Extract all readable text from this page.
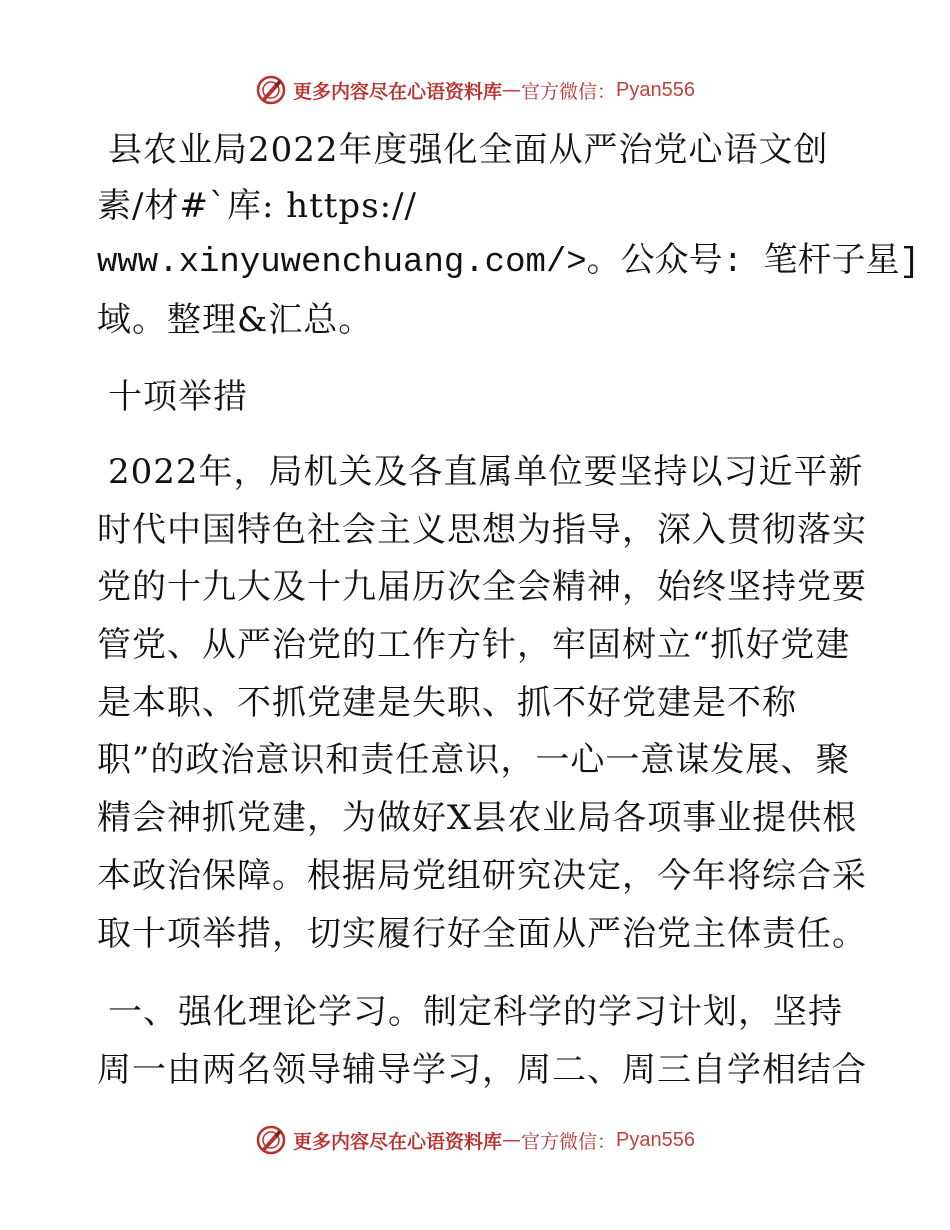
更多内容尽在心语资料库 — 官方微信： Pyan556
县农业局2022年度强化全面从严治党心语文创
素/材#`库: https://
www.xinyuwenchuang.com/>。公众号: 笔杆子星]
域。整理&汇总。
十项举措
2022年，局机关及各直属单位要坚持以习近平新
时代中国特色社会主义思想为指导，深入贯彻落实
党的十九大及十九届历次全会精神，始终坚持党要
管党、从严治党的工作方针，牢固树立“抓好党建
是本职、不抓党建是失职、抓不好党建是不称
职”的政治意识和责任意识，一心一意谋发展、聚
精会神抓党建，为做好X县农业局各项事业提供根
本政治保障。根据局党组研究决定，今年将综合采
取十项举措，切实履行好全面从严治党主体责任。
一、强化理论学习。制定科学的学习计划，坚持
周一由两名领导辅导学习，周二、周三自学相结合
更多内容尽在心语资料库 — 官方微信： Pyan556
